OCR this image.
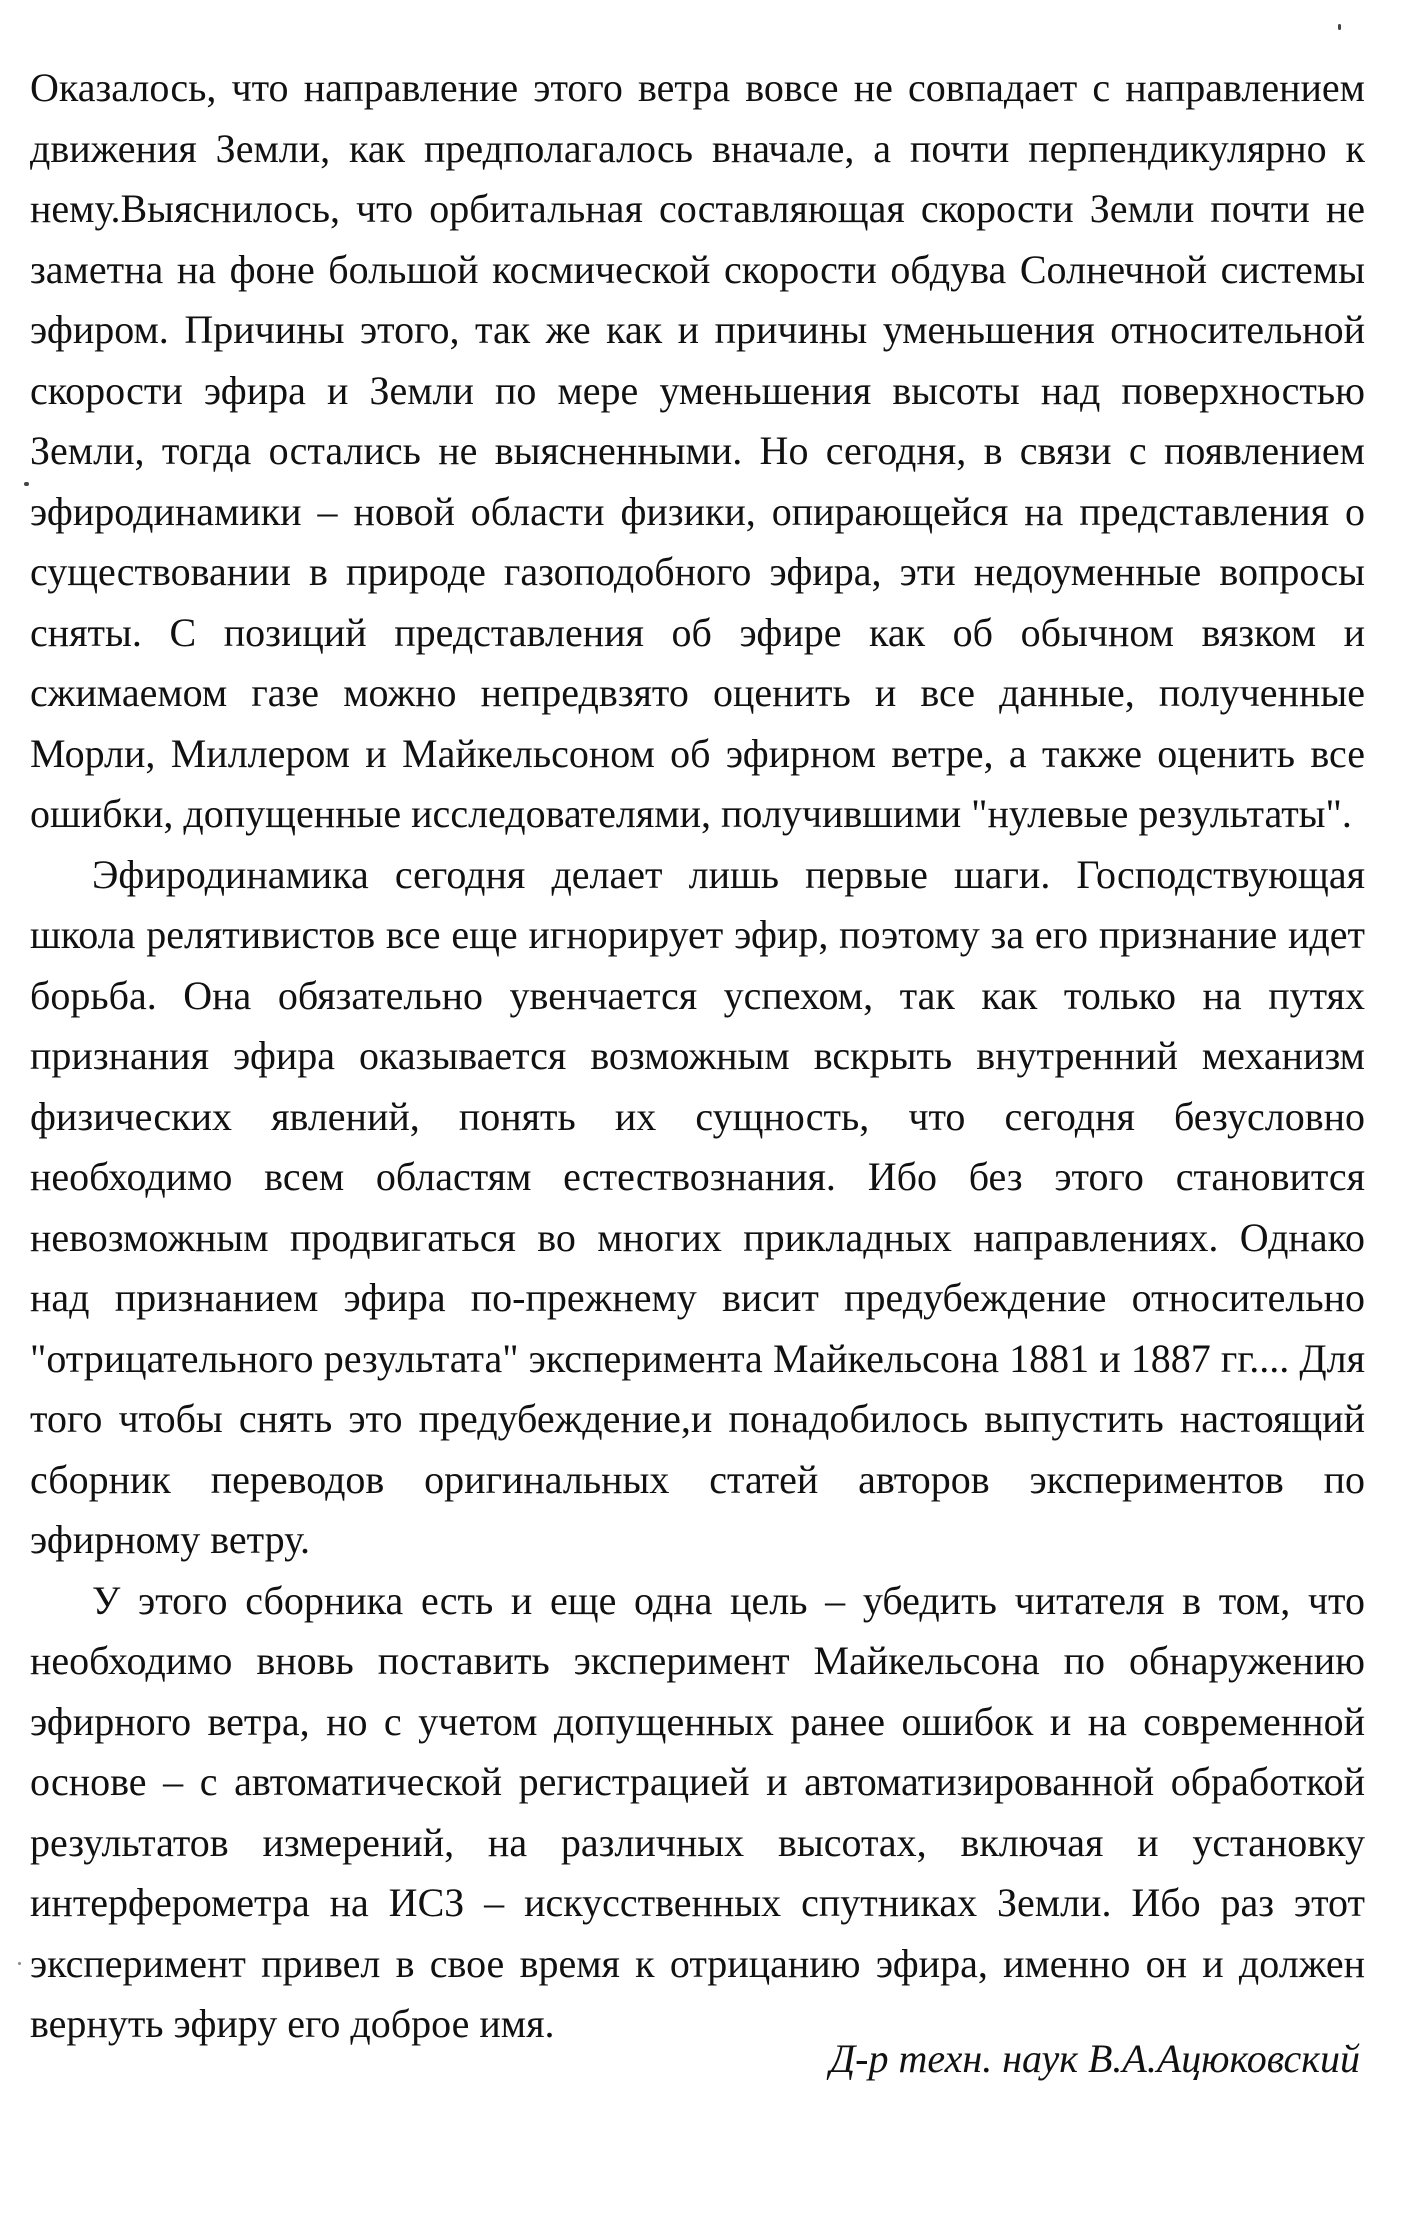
Оказалось, что направление этого ветра вовсе не совпадает с направлением движения Земли, как предполагалось вначале, а почти перпендикулярно к нему.Выяснилось, что орбитальная составляющая скорости Земли почти не заметна на фоне большой космической скорости обдува Солнечной системы эфиром. Причины этого, так же как и причины уменьшения относительной скорости эфира и Земли по мере уменьшения высоты над поверхностью Земли, тогда остались не выясненными. Но сегодня, в связи с появлением эфиродинамики – новой области физики, опирающейся на представления о существовании в природе газоподобного эфира, эти недоуменные вопросы сняты. С позиций представления об эфире как об обычном вязком и сжимаемом газе можно непредвзято оценить и все данные, полученные Морли, Миллером и Майкельсоном об эфирном ветре, а также оценить все ошибки, допущенные исследователями, получившими "нулевые результаты".

Эфиродинамика сегодня делает лишь первые шаги. Господствующая школа релятивистов все еще игнорирует эфир, поэтому за его признание идет борьба. Она обязательно увенчается успехом, так как только на путях признания эфира оказывается возможным вскрыть внутренний механизм физических явлений, понять их сущность, что сегодня безусловно необходимо всем областям естествознания. Ибо без этого становится невозможным продвигаться во многих прикладных направлениях. Однако над признанием эфира по-прежнему висит предубеждение относительно "отрицательного результата" эксперимента Майкельсона 1881 и 1887 гг.... Для того чтобы снять это предубеждение,и понадобилось выпустить настоящий сборник переводов оригинальных статей авторов экспериментов по эфирному ветру.

У этого сборника есть и еще одна цель – убедить читателя в том, что необходимо вновь поставить эксперимент Майкельсона по обнаружению эфирного ветра, но с учетом допущенных ранее ошибок и на современной основе – с автоматической регистрацией и автоматизированной обработкой результатов измерений, на различных высотах, включая и установку интерферометра на ИСЗ – искусственных спутниках Земли. Ибо раз этот эксперимент привел в свое время к отрицанию эфира, именно он и должен вернуть эфиру его доброе имя.

Д-р техн. наук В.А.Ацюковский
